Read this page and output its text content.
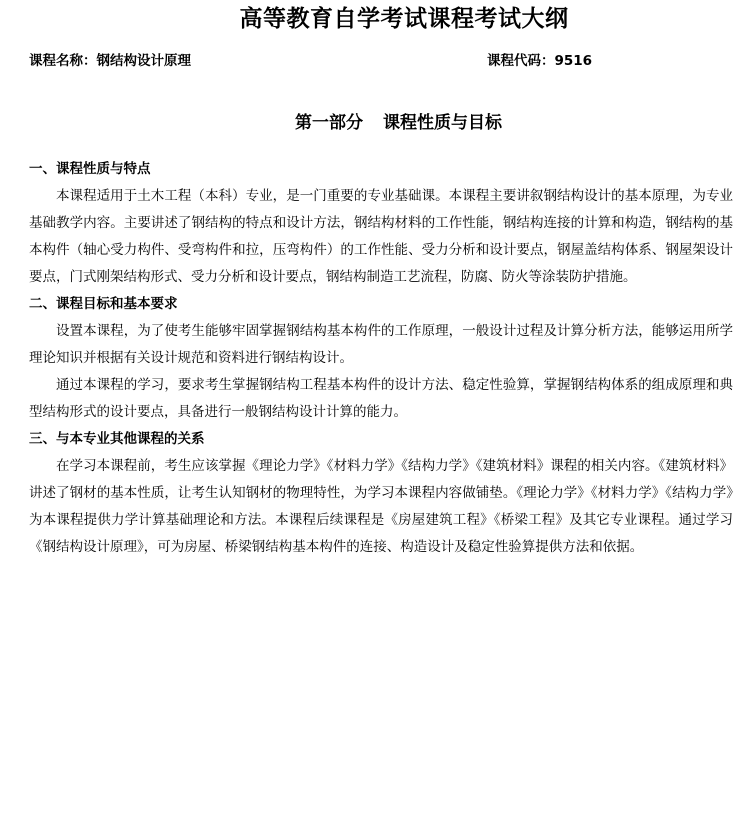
高等教育自学考试课程考试大纲
课程名称：钢结构设计原理	课程代码：9516
第一部分 课程性质与目标

一、课程性质与特点

本课程适用于土木工程（本科）专业，是一门重要的专业基础课。本课程主要讲叙钢结构设计的基本原理，为专业基础教学内容。主要讲述了钢结构的特点和设计方法，钢结构材料的工作性能，钢结构连接的计算和构造，钢结构的基本构件（轴心受力构件、受弯构件和拉，压弯构件）的工作性能、受力分析和设计要点，钢屋盖结构体系、钢屋架设计要点，门式刚架结构形式、受力分析和设计要点，钢结构制造工艺流程，防腐、防火等涂装防护措施。

二、课程目标和基本要求

设置本课程，为了使考生能够牢固掌握钢结构基本构件的工作原理，一般设计过程及计算分析方法，能够运用所学理论知识并根据有关设计规范和资料进行钢结构设计。

通过本课程的学习，要求考生掌握钢结构工程基本构件的设计方法、稳定性验算，掌握钢结构体系的组成原理和典型结构形式的设计要点，具备进行一般钢结构设计计算的能力。

三、与本专业其他课程的关系

在学习本课程前，考生应该掌握《理论力学》《材料力学》《结构力学》《建筑材料》课程的相关内容。《建筑材料》讲述了钢材的基本性质，让考生认知钢材的物理特性，为学习本课程内容做铺垫。《理论力学》《材料力学》《结构力学》为本课程提供力学计算基础理论和方法。本课程后续课程是《房屋建筑工程》《桥梁工程》及其它专业课程。通过学习《钢结构设计原理》，可为房屋、桥梁钢结构基本构件的连接、构造设计及稳定性验算提供方法和依据。
